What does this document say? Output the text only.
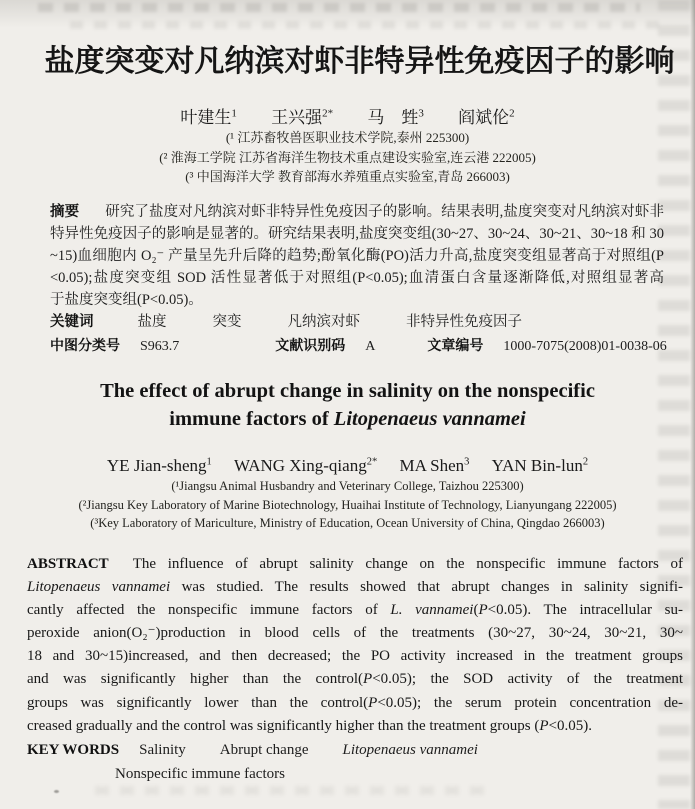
盐度突变对凡纳滨对虾非特异性免疫因子的影响
叶建生$^1$ 王兴强$^{2*}$ 马　甡$^3$ 阎斌伦$^2$
(¹ 江苏畜牧兽医职业技术学院,泰州 225300)
(² 淮海工学院 江苏省海洋生物技术重点建设实验室,连云港 222005)
(³ 中国海洋大学 教育部海水养殖重点实验室,青岛 266003)
摘要 研究了盐度对凡纳滨对虾非特异性免疫因子的影响。结果表明,盐度突变对凡纳滨对虾非
特异性免疫因子的影响是显著的。研究结果表明,盐度突变组(30~27、30~24、30~21、30~18 和 30
~15)血细胞内 O₂⁻ 产量呈先升后降的趋势;酚氧化酶(PO)活力升高,盐度突变组显著高于对照组(P
<0.05);盐度突变组 SOD 活性显著低于对照组(P<0.05);血清蛋白含量逐渐降低,对照组显著高
于盐度突变组(P<0.05)。
关键词	盐度	突变	凡纳滨对虾	非特异性免疫因子
中图分类号 S963.7	文献识别码 A	文章编号 1000-7075(2008)01-0038-06
The effect of abrupt change in salinity on the nonspecific
immune factors of Litopenaeus vannamei
YE Jian-sheng$^1$ WANG Xing-qiang$^{2*}$ MA Shen$^3$ YAN Bin-lun$^2$
(¹Jiangsu Animal Husbandry and Veterinary College, Taizhou 225300)
(²Jiangsu Key Laboratory of Marine Biotechnology, Huaihai Institute of Technology, Lianyungang 222005)
(³Key Laboratory of Mariculture, Ministry of Education, Ocean University of China, Qingdao 266003)
ABSTRACT The influence of abrupt salinity change on the nonspecific immune factors of
Litopenaeus vannamei was studied. The results showed that abrupt changes in salinity signifi-
cantly affected the nonspecific immune factors of L. vannamei(P<0.05). The intracellular su-
peroxide anion(O₂⁻)production in blood cells of the treatments (30~27, 30~24, 30~21, 30~
18 and 30~15)increased, and then decreased; the PO activity increased in the treatment groups
and was significantly higher than the control(P<0.05); the SOD activity of the treatment
groups was significantly lower than the control(P<0.05); the serum protein concentration de-
creased gradually and the control was significantly higher than the treatment groups (P<0.05).
KEY WORDS Salinity Abrupt change Litopenaeus vannamei
Nonspecific immune factors
